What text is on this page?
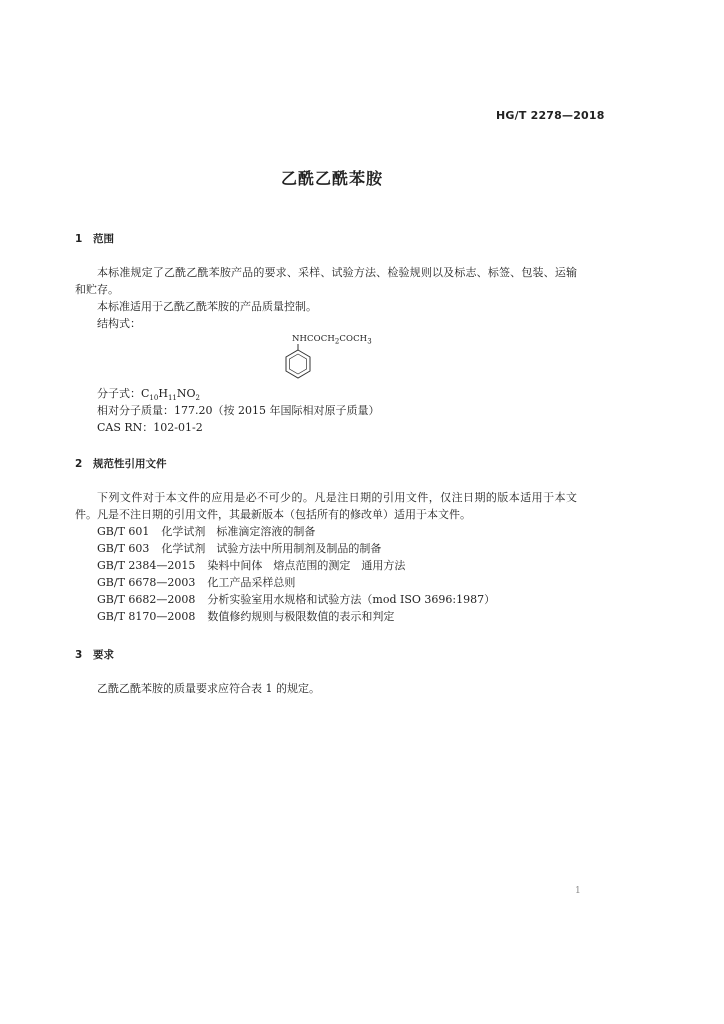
HG/T 2278—2018
乙酰乙酰苯胺
1 范围
本标准规定了乙酰乙酰苯胺产品的要求、采样、试验方法、检验规则以及标志、标签、包装、运输和贮存。
本标准适用于乙酰乙酰苯胺的产品质量控制。
结构式：
$NHCOCH_2COCH_3$
分子式：$C_{10}H_{11}NO_2$
相对分子质量：177.20（按 2015 年国际相对原子质量）
CAS RN：102-01-2
2 规范性引用文件
下列文件对于本文件的应用是必不可少的。凡是注日期的引用文件，仅注日期的版本适用于本文件。凡是不注日期的引用文件，其最新版本（包括所有的修改单）适用于本文件。
GB/T 601 化学试剂　标准滴定溶液的制备
GB/T 603 化学试剂　试验方法中所用制剂及制品的制备
GB/T 2384—2015 染料中间体　熔点范围的测定　通用方法
GB/T 6678—2003 化工产品采样总则
GB/T 6682—2008 分析实验室用水规格和试验方法（mod ISO 3696:1987）
GB/T 8170—2008 数值修约规则与极限数值的表示和判定
3 要求
乙酰乙酰苯胺的质量要求应符合表 1 的规定。
1
